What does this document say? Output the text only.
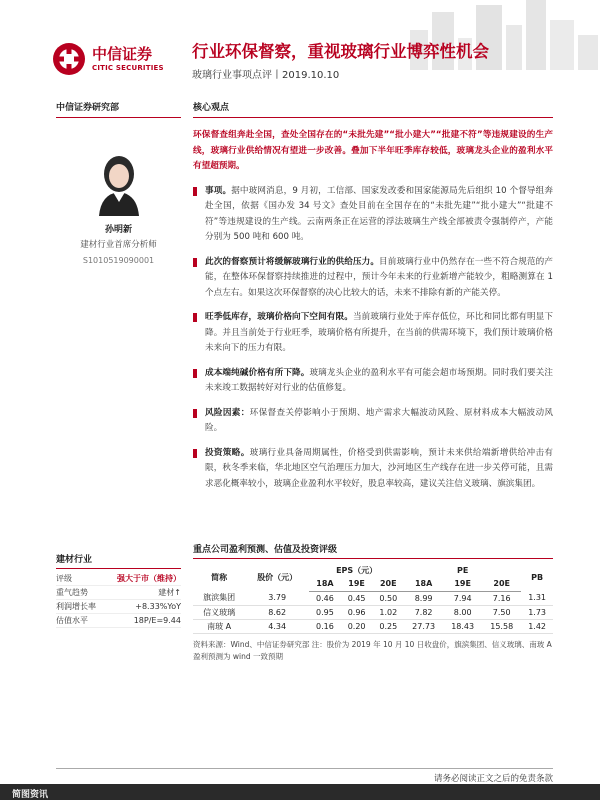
中信证券
CITIC SECURITIES
行业环保督察，重视玻璃行业博弈性机会
玻璃行业事项点评丨2019.10.10
中信证券研究部
孙明新
建材行业首席分析师
S1010519090001
核心观点
环保督查组奔赴全国，查处全国存在的“未批先建”“批小建大”“批建不符”等违规建设的生产线，玻璃行业供给情况有望进一步改善。叠加下半年旺季库存较低，玻璃龙头企业的盈利水平有望超预期。
事项。据中玻网消息，9 月初，工信部、国家发改委和国家能源局先后组织 10 个督导组奔赴全国，依据《国办发 34 号文》查处目前在全国存在的“未批先建”“批小建大”“批建不符”等违规建设的生产线。云南两条正在运营的浮法玻璃生产线全部被责令强制停产，产能分别为 500 吨和 600 吨。
此次的督察预计将缓解玻璃行业的供给压力。目前玻璃行业中仍然存在一些不符合规范的产能，在整体环保督察持续推进的过程中，预计今年未来的行业新增产能较少，粗略测算在 1 个点左右。如果这次环保督察的决心比较大的话，未来不排除有新的产能关停。
旺季低库存，玻璃价格向下空间有限。当前玻璃行业处于库存低位，环比和同比都有明显下降。并且当前处于行业旺季，玻璃价格有所提升，在当前的供需环境下，我们预计玻璃价格未来向下的压力有限。
成本端纯碱价格有所下降。玻璃龙头企业的盈利水平有可能会超市场预期。同时我们要关注未来竣工数据转好对行业的估值修复。
风险因素：环保督查关停影响小于预期、地产需求大幅波动风险、原材料成本大幅波动风险。
投资策略。玻璃行业具备周期属性，价格受到供需影响，预计未来供给端新增供给冲击有限，秋冬季来临，华北地区空气治理压力加大，沙河地区生产线存在进一步关停可能，且需求恶化概率较小，玻璃企业盈利水平较好，股息率较高，建议关注信义玻璃、旗滨集团。
建材行业
评级	强大于市（维持）
重气趋势	建材↑
利润增长率	+8.33%YoY
估值水平	18P/E=9.44
重点公司盈利预测、估值及投资评级
简称	股价（元）	EPS（元）			PE			PB
		18A	19E	20E	18A	19E	20E	
旗滨集团	3.79	0.46	0.45	0.50	8.99	7.94	7.16	1.31
信义玻璃	8.62	0.95	0.96	1.02	7.82	8.00	7.50	1.73
南玻 A	4.34	0.16	0.20	0.25	27.73	18.43	15.58	1.42
资料来源：Wind、中信证券研究部 注：股价为 2019 年 10 月 10 日收盘价，旗滨集团、信义玻璃、南玻 A 盈利预测为 wind 一致预期
请务必阅读正文之后的免责条款
简图资讯
